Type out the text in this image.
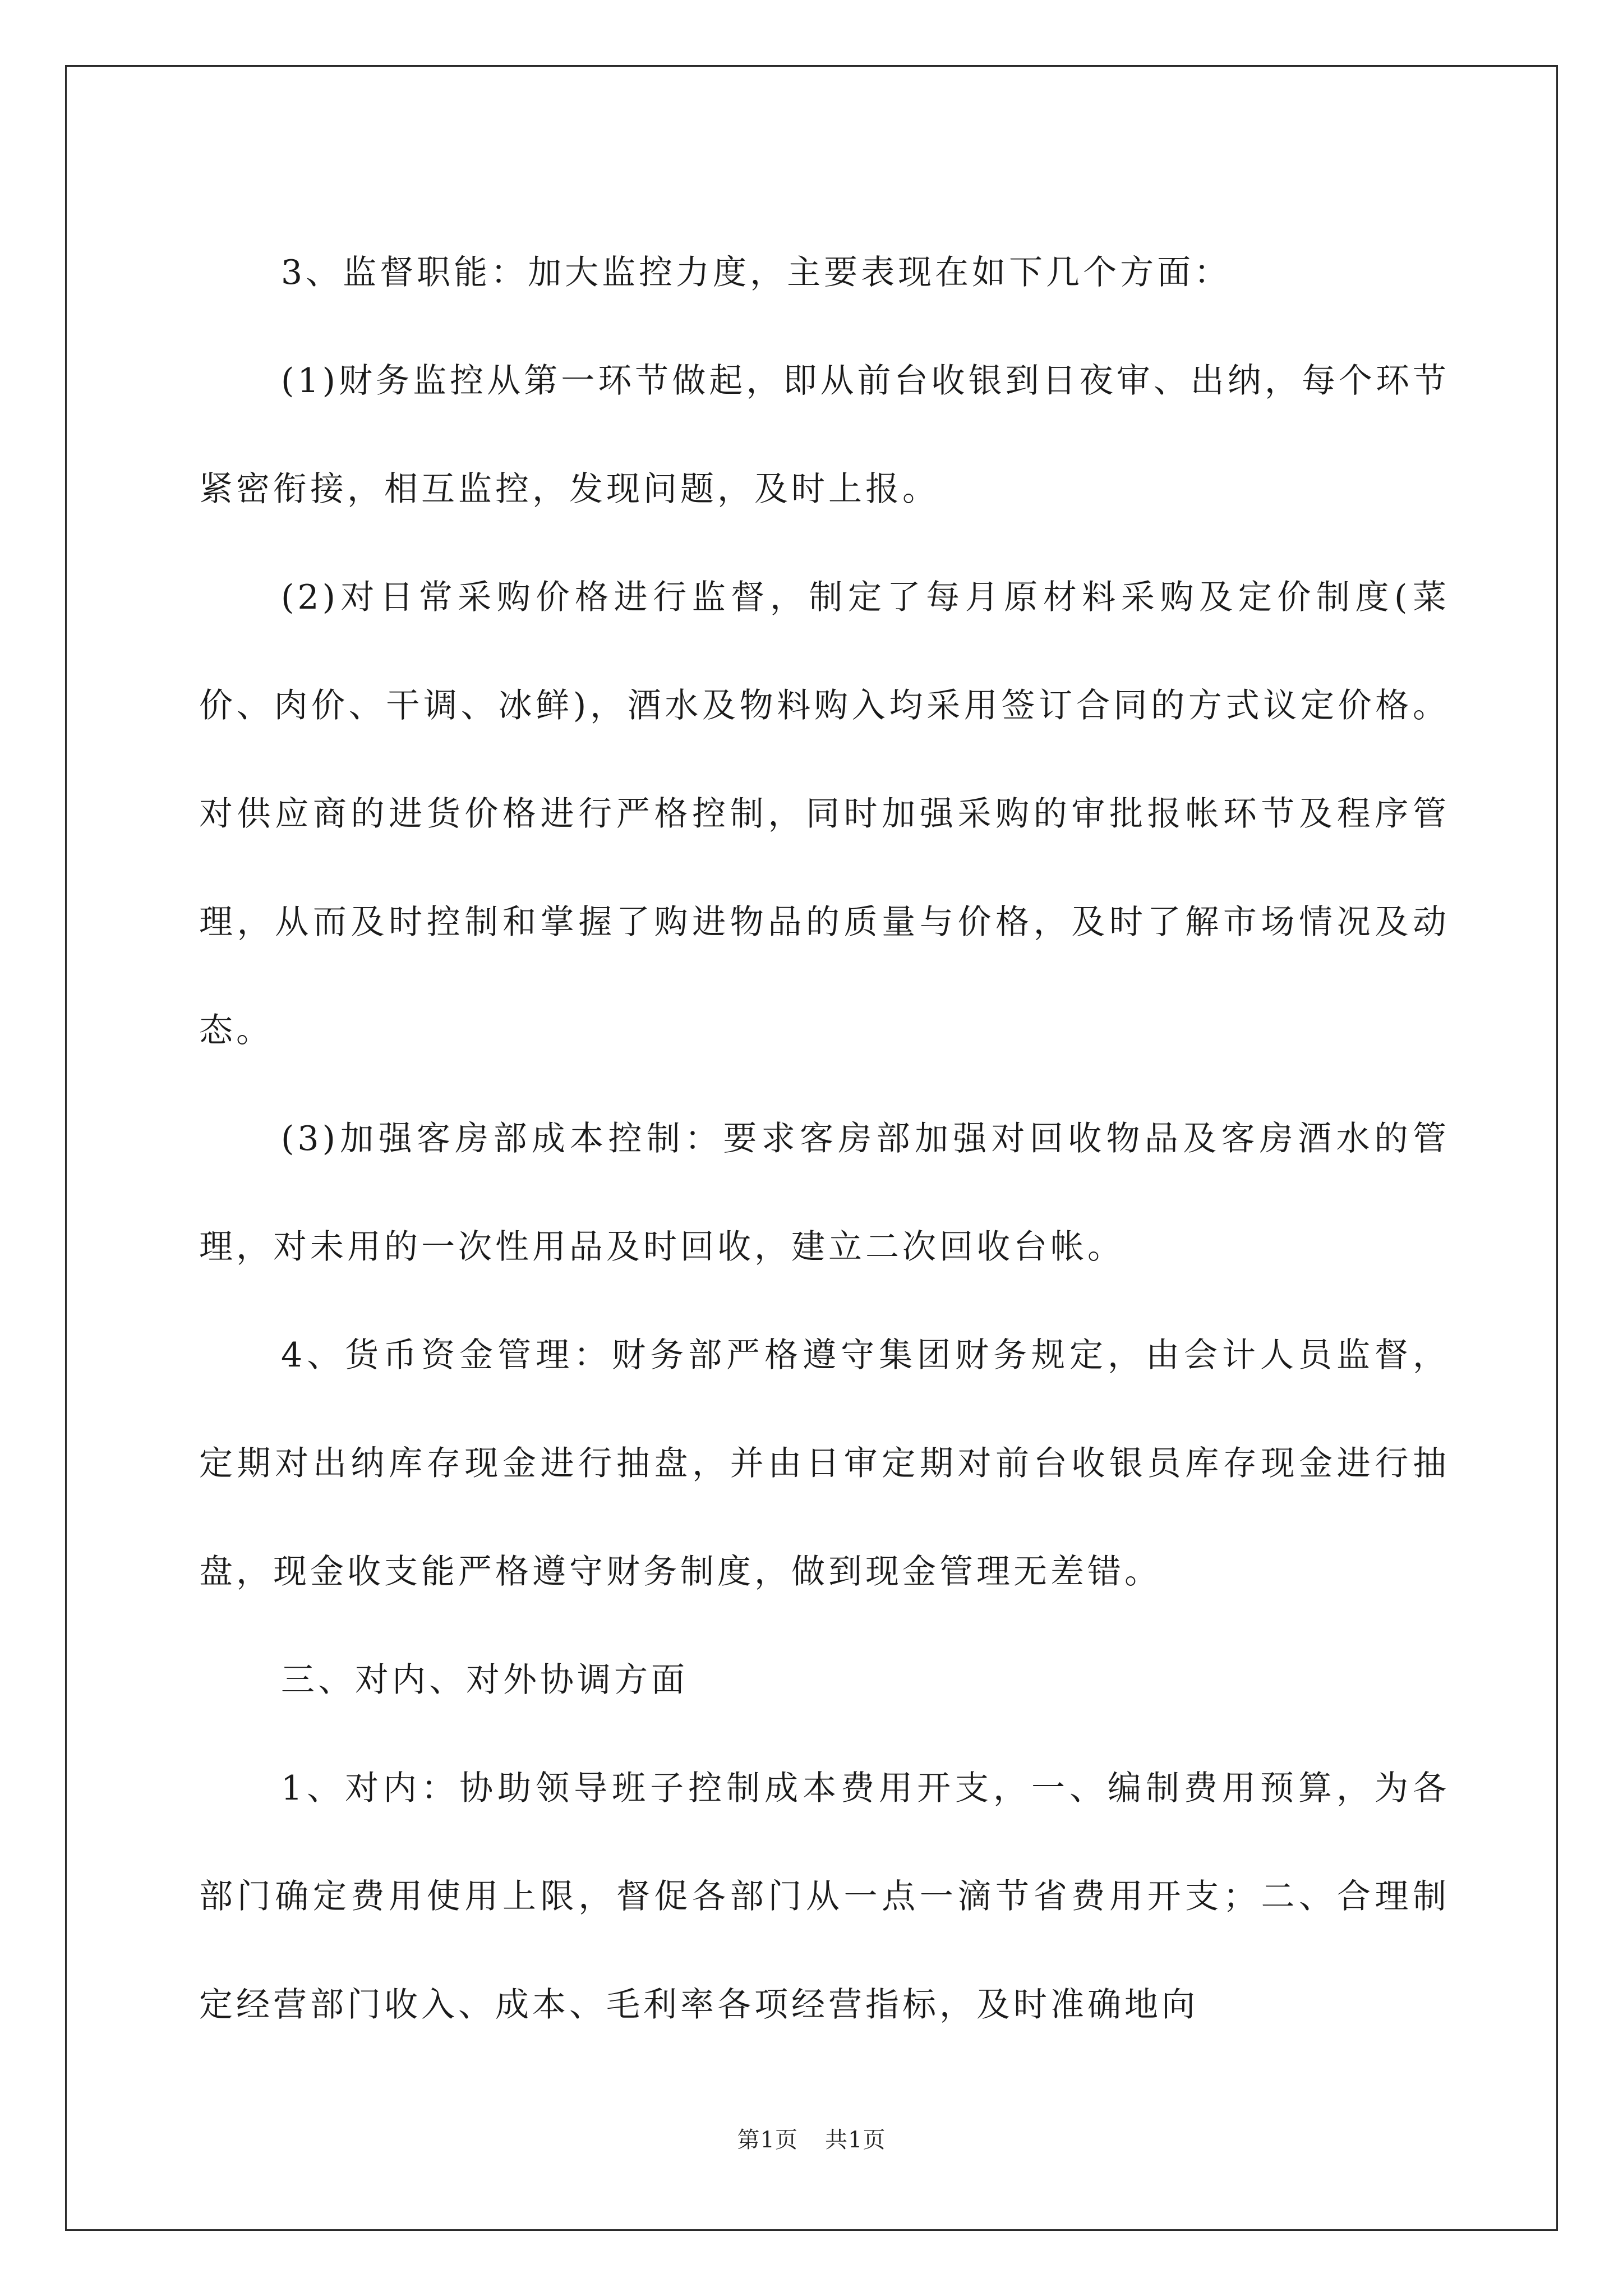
3、监督职能：加大监控力度，主要表现在如下几个方面：

(1)财务监控从第一环节做起，即从前台收银到日夜审、出纳，每个环节紧密衔接，相互监控，发现问题，及时上报。

(2)对日常采购价格进行监督，制定了每月原材料采购及定价制度(菜价、肉价、干调、冰鲜)，酒水及物料购入均采用签订合同的方式议定价格。对供应商的进货价格进行严格控制，同时加强采购的审批报帐环节及程序管理，从而及时控制和掌握了购进物品的质量与价格，及时了解市场情况及动态。

(3)加强客房部成本控制：要求客房部加强对回收物品及客房酒水的管理，对未用的一次性用品及时回收，建立二次回收台帐。

4、货币资金管理：财务部严格遵守集团财务规定，由会计人员监督，定期对出纳库存现金进行抽盘，并由日审定期对前台收银员库存现金进行抽盘，现金收支能严格遵守财务制度，做到现金管理无差错。

三、对内、对外协调方面

1、对内：协助领导班子控制成本费用开支，一、编制费用预算，为各部门确定费用使用上限，督促各部门从一点一滴节省费用开支；二、合理制定经营部门收入、成本、毛利率各项经营指标，及时准确地向

第1页 共1页
